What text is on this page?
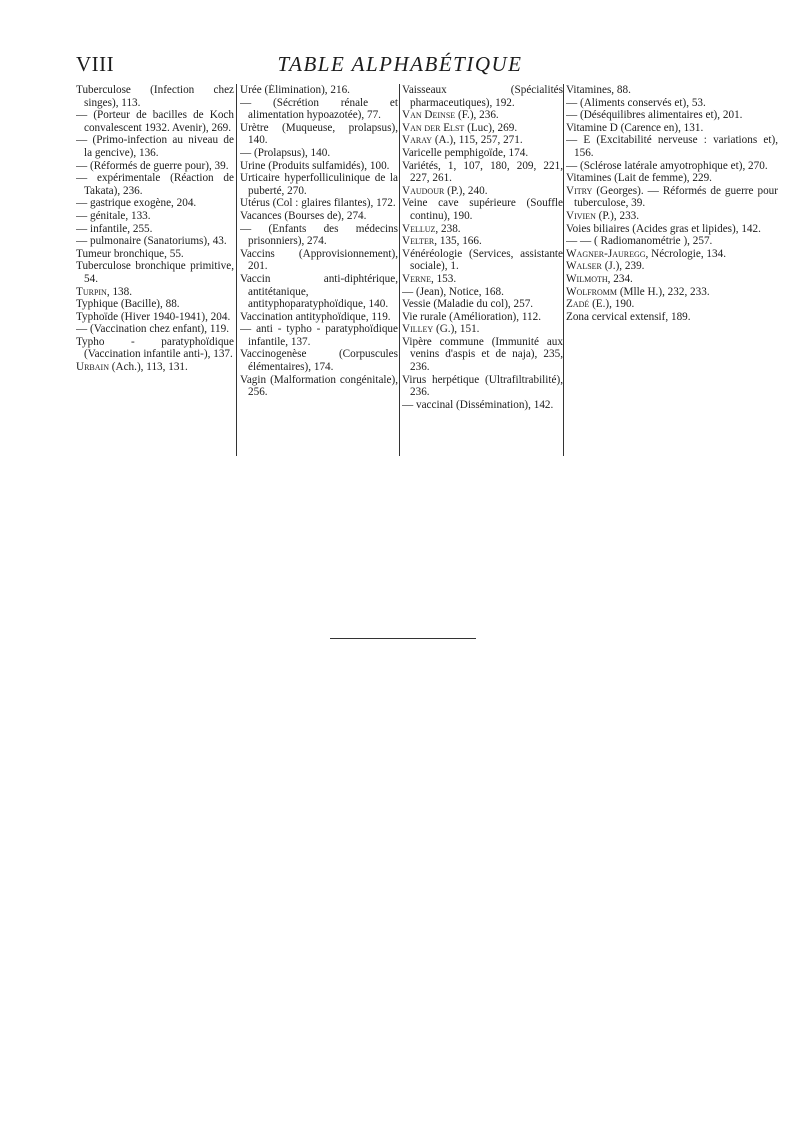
VIII	TABLE ALPHABÉTIQUE

Tuberculose (Infection chez singes), 113.

— (Porteur de bacilles de Koch convalescent 1932. Avenir), 269.

— (Primo-infection au niveau de la gencive), 136.

— (Réformés de guerre pour), 39.

— expérimentale (Réaction de Takata), 236.

— gastrique exogène, 204.

— génitale, 133.

— infantile, 255.

— pulmonaire (Sanatoriums), 43.

Tumeur bronchique, 55.

Tuberculose bronchique primitive, 54.

Turpin, 138.

Typhique (Bacille), 88.

Typhoïde (Hiver 1940-1941), 204.

— (Vaccination chez enfant), 119.

Typho - paratyphoïdique (Vaccination infantile anti-), 137.

Urbain (Ach.), 113, 131.

Urée (Élimination), 216.

— (Sécrétion rénale et alimentation hypoazotée), 77.

Urètre (Muqueuse, prolapsus), 140.

— (Prolapsus), 140.

Urine (Produits sulfamidés), 100.

Urticaire hyperfolliculinique de la puberté, 270.

Utérus (Col : glaires filantes), 172.

Vacances (Bourses de), 274.

— (Enfants des médecins prisonniers), 274.

Vaccins (Approvisionnement), 201.

Vaccin anti-diphtérique, antitétanique, antityphoparatyphoïdique, 140.

Vaccination antityphoïdique, 119.

— anti - typho - paratyphoïdique infantile, 137.

Vaccinogenèse (Corpuscules élémentaires), 174.

Vagin (Malformation congénitale), 256.

Vaisseaux (Spécialités pharmaceutiques), 192.

Van Deinse (F.), 236.

Van der Elst (Luc), 269.

Varay (A.), 115, 257, 271.

Varicelle pemphigoïde, 174.

Variétés, 1, 107, 180, 209, 221, 227, 261.

Vaudour (P.), 240.

Veine cave supérieure (Souffle continu), 190.

Velluz, 238.

Velter, 135, 166.

Vénéréologie (Services, assistante sociale), 1.

Verne, 153.

— (Jean), Notice, 168.

Vessie (Maladie du col), 257.

Vie rurale (Amélioration), 112.

Villey (G.), 151.

Vipère commune (Immunité aux venins d'aspis et de naja), 235, 236.

Virus herpétique (Ultrafiltrabilité), 236.

— vaccinal (Dissémination), 142.

Vitamines, 88.

— (Aliments conservés et), 53.

— (Déséquilibres alimentaires et), 201.

Vitamine D (Carence en), 131.

— E (Excitabilité nerveuse : variations et), 156.

— (Sclérose latérale amyotrophique et), 270.

Vitamines (Lait de femme), 229.

Vitry (Georges). — Réformés de guerre pour tuberculose, 39.

Vivien (P.), 233.

Voies biliaires (Acides gras et lipides), 142.

— — ( Radiomanométrie ), 257.

Wagner-Jauregg, Nécrologie, 134.

Walser (J.), 239.

Wilmoth, 234.

Wolfromm (Mlle H.), 232, 233.

Zadé (E.), 190.

Zona cervical extensif, 189.
